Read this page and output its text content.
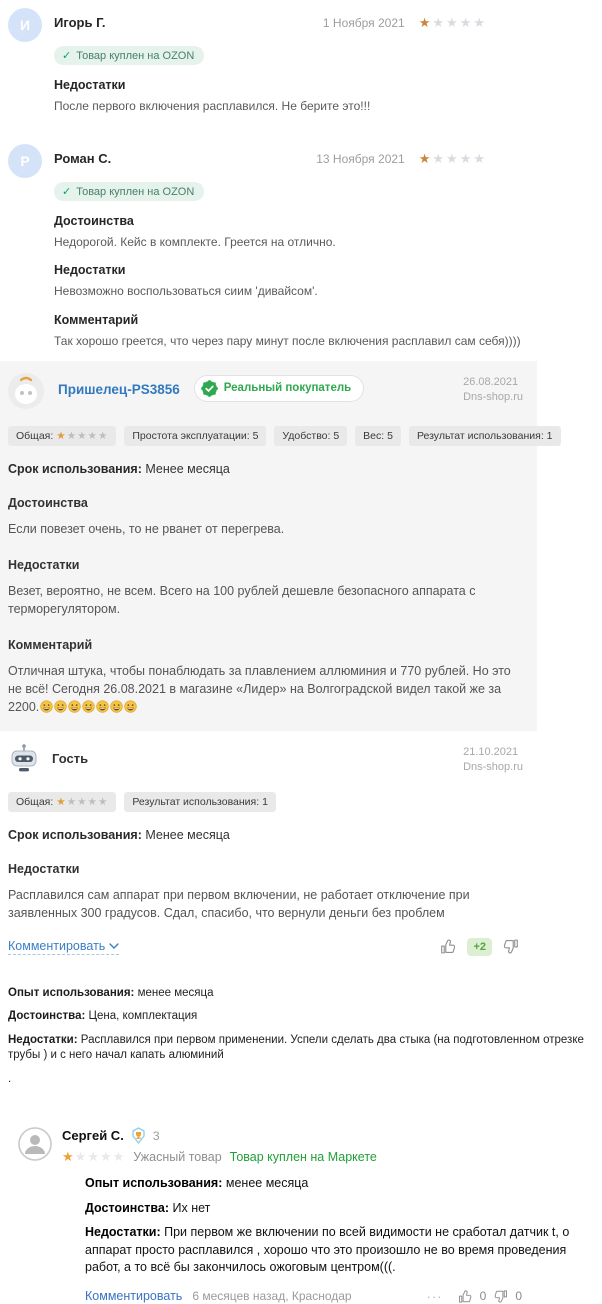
И	Игорь Г.	1 Ноября 2021 ★★★★★
✓ Товар куплен на OZON
Недостатки
После первого включения расплавился. Не берите это!!!
Р	Роман С.	13 Ноября 2021 ★★★★★
✓ Товар куплен на OZON
Достоинства
Недорогой. Кейс в комплекте. Греется на отлично.
Недостатки
Невозможно воспользоваться сиим 'дивайсом'.
Комментарий
Так хорошо греется, что через пару минут после включения расплавил сам себя))))
Пришелец-PS3856	Реальный покупатель
26.08.2021
Dns-shop.ru
Общая: ★★★★★	Простота эксплуатации: 5	Удобство: 5	Вес: 5	Результат использования: 1
Срок использования: Менее месяца
Достоинства
Если повезет очень, то не рванет от перегрева.
Недостатки
Везет, вероятно, не всем. Всего на 100 рублей дешевле безопасного аппарата с терморегулятором.
Комментарий
Отличная штука, чтобы понаблюдать за плавлением аллюминия и 770 рублей. Но это не всё! Сегодня 26.08.2021 в магазине «Лидер» на Волгоградской видел такой же за 2200.
Гость	21.10.2021
Dns-shop.ru
Общая: ★★★★★	Результат использования: 1
Срок использования: Менее месяца
Недостатки
Расплавился сам аппарат при первом включении, не работает отключение при заявленных 300 градусов. Сдал, спасибо, что вернули деньги без проблем
Комментировать	+2
Опыт использования: менее месяца
Достоинства: Цена, комплектация
Недостатки: Расплавился при первом применении. Успели сделать два стыка (на подготовленном отрезке трубы ) и с него начал капать алюминий
.
Сергей С. 3
★★★★★ Ужасный товар Товар куплен на Маркете
Опыт использования: менее месяца
Достоинства: Их нет
Недостатки: При первом же включении по всей видимости не сработал датчик t, о аппарат просто расплавился , хорошо что это произошло не во время проведения работ, а то всё бы закончилось ожоговым центром(((.
Комментировать 6 месяцев назад, Краснодар	···	0 0
